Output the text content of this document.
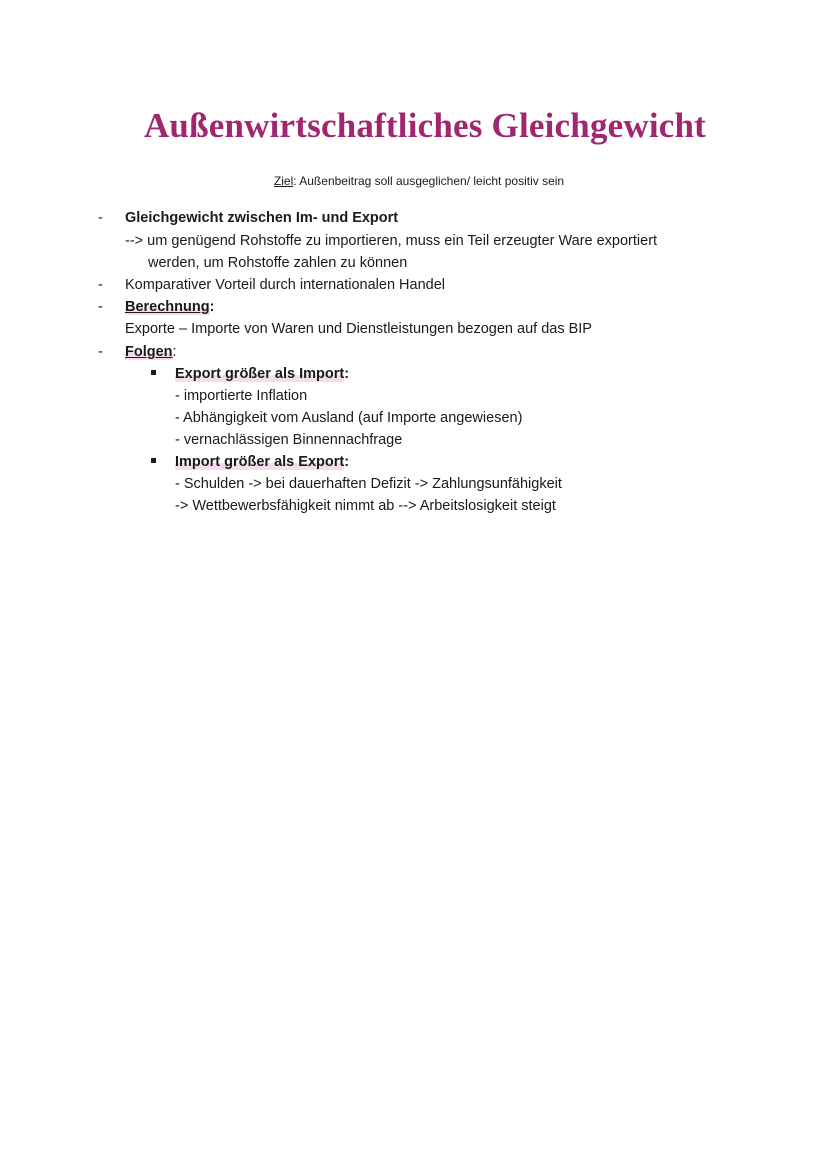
Außenwirtschaftliches Gleichgewicht
Ziel: Außenbeitrag soll ausgeglichen/ leicht positiv sein
- Gleichgewicht zwischen Im- und Export
--> um genügend Rohstoffe zu importieren, muss ein Teil erzeugter Ware exportiert
werden, um Rohstoffe zahlen zu können
- Komparativer Vorteil durch internationalen Handel
- Berechnung:
Exporte – Importe von Waren und Dienstleistungen bezogen auf das BIP
- Folgen:
Export größer als Import:
- importierte Inflation
- Abhängigkeit vom Ausland (auf Importe angewiesen)
- vernachlässigen Binnennachfrage
Import größer als Export:
- Schulden -> bei dauerhaften Defizit -> Zahlungsunfähigkeit
-> Wettbewerbsfähigkeit nimmt ab --> Arbeitslosigkeit steigt
